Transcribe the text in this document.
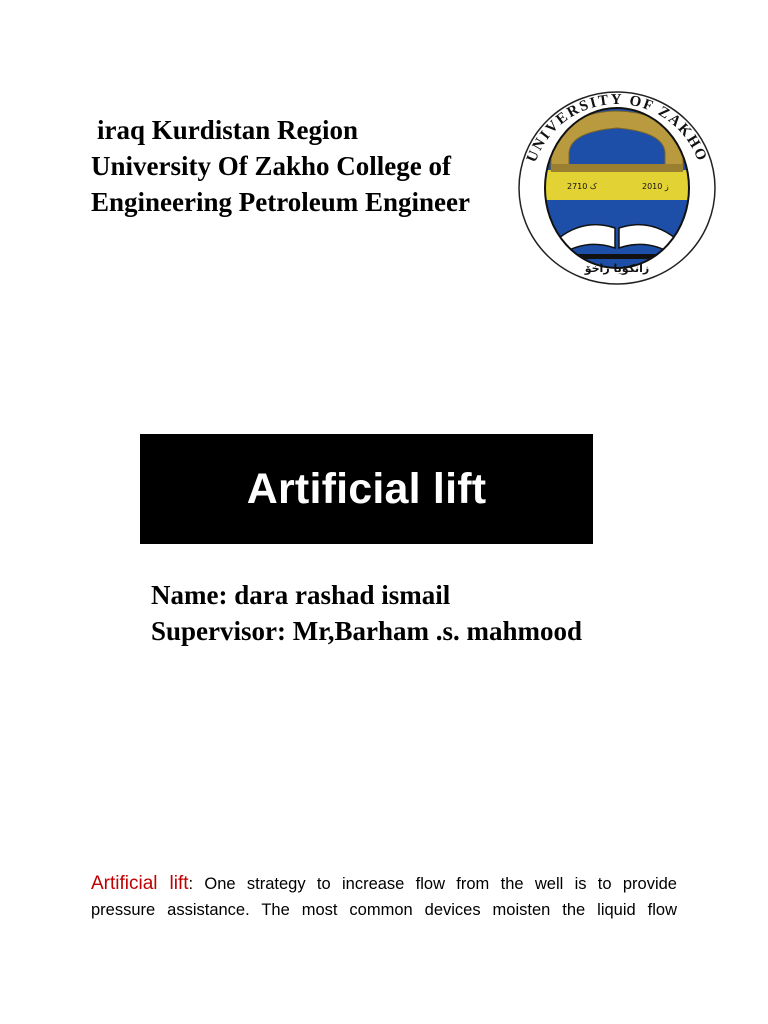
iraq Kurdistan Region
University Of Zakho College of
Engineering Petroleum Engineer
UNIVERSITY OF ZAKHO
ک 2710	ز 2010
زانکۆیا زاخۆ
Artificial lift
Name: dara rashad ismail
Supervisor: Mr,Barham .s. mahmood
Artificial lift: One strategy to increase flow from the well is to provide
pressure assistance. The most common devices moisten the liquid flow
